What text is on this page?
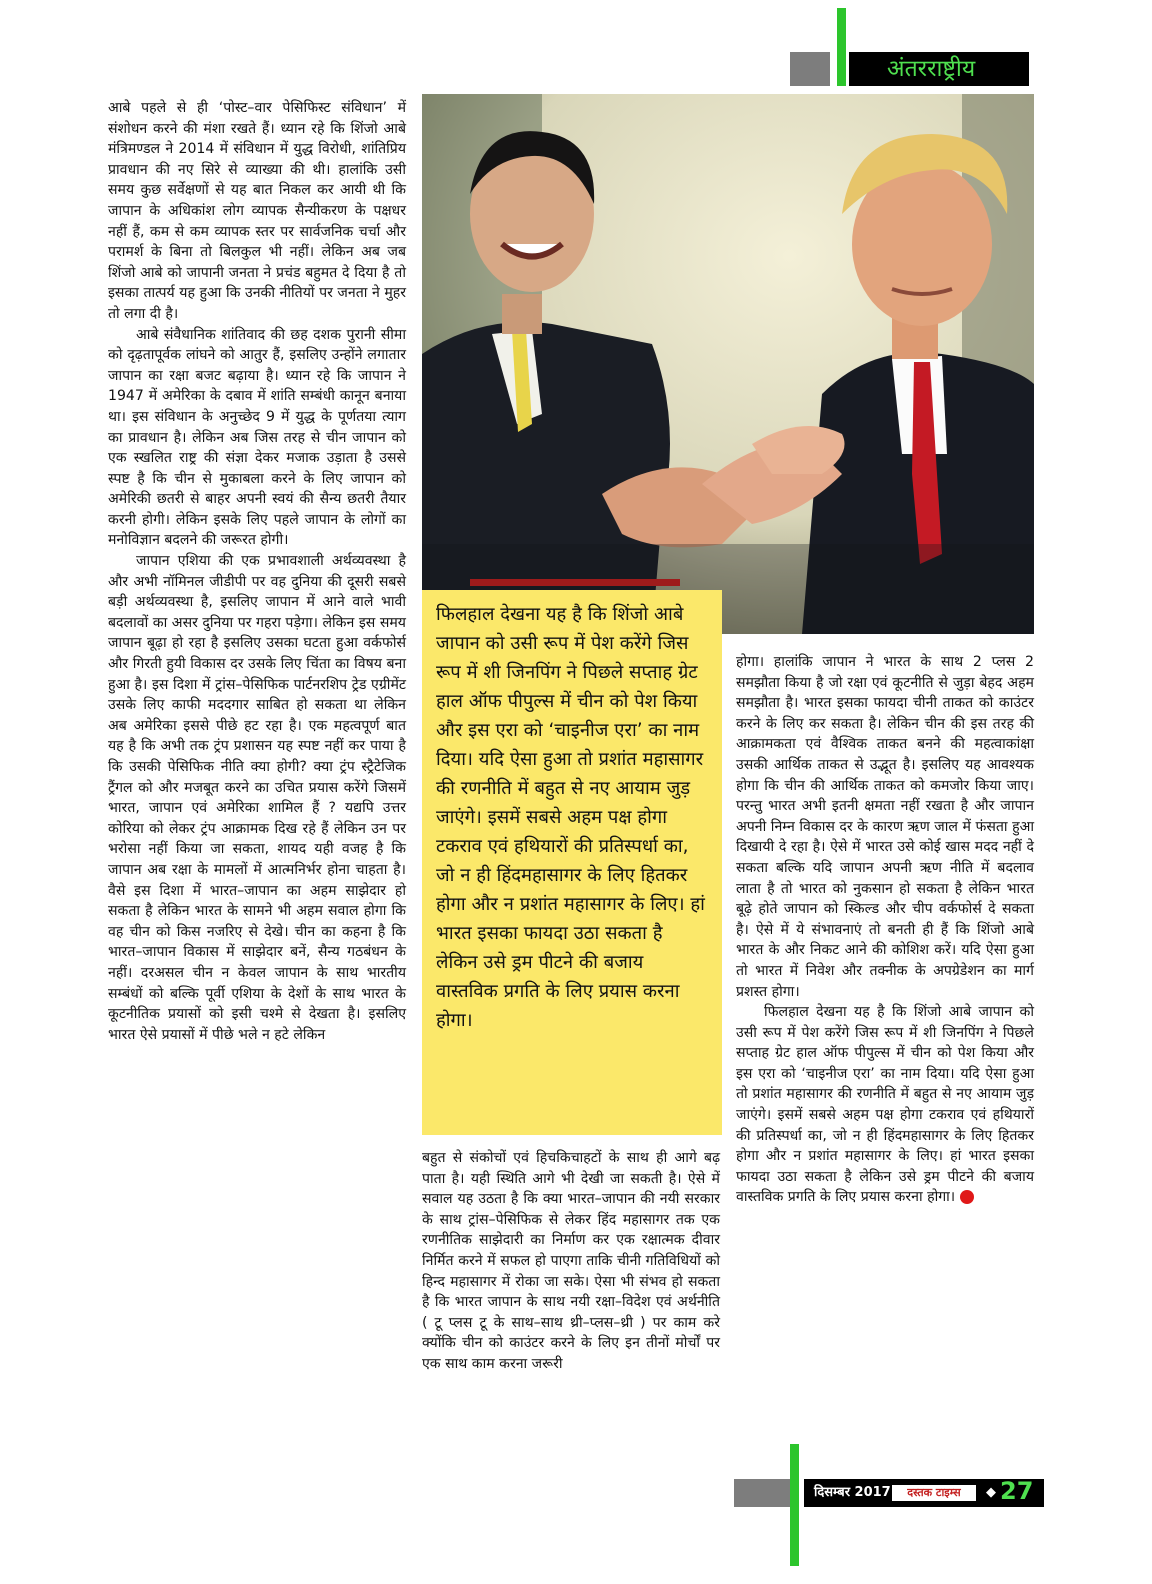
अंतरराष्ट्रीय

आबे पहले से ही ‘पोस्ट–वार पेसिफिस्ट संविधान’ में संशोधन करने की मंशा रखते हैं। ध्यान रहे कि शिंजो आबे मंत्रिमण्डल ने 2014 में संविधान में युद्ध विरोधी, शांतिप्रिय प्रावधान की नए सिरे से व्याख्या की थी। हालांकि उसी समय कुछ सर्वेक्षणों से यह बात निकल कर आयी थी कि जापान के अधिकांश लोग व्यापक सैन्यीकरण के पक्षधर नहीं हैं, कम से कम व्यापक स्तर पर सार्वजनिक चर्चा और परामर्श के बिना तो बिलकुल भी नहीं। लेकिन अब जब शिंजो आबे को जापानी जनता ने प्रचंड बहुमत दे दिया है तो इसका तात्पर्य यह हुआ कि उनकी नीतियों पर जनता ने मुहर तो लगा दी है।

आबे संवैधानिक शांतिवाद की छह दशक पुरानी सीमा को दृढ़तापूर्वक लांघने को आतुर हैं, इसलिए उन्होंने लगातार जापान का रक्षा बजट बढ़ाया है। ध्यान रहे कि जापान ने 1947 में अमेरिका के दबाव में शांति सम्बंधी कानून बनाया था। इस संविधान के अनुच्छेद 9 में युद्ध के पूर्णतया त्याग का प्रावधान है। लेकिन अब जिस तरह से चीन जापान को एक स्खलित राष्ट्र की संज्ञा देकर मजाक उड़ाता है उससे स्पष्ट है कि चीन से मुकाबला करने के लिए जापान को अमेरिकी छतरी से बाहर अपनी स्वयं की सैन्य छतरी तैयार करनी होगी। लेकिन इसके लिए पहले जापान के लोगों का मनोविज्ञान बदलने की जरूरत होगी।

जापान एशिया की एक प्रभावशाली अर्थव्यवस्था है और अभी नॉमिनल जीडीपी पर वह दुनिया की दूसरी सबसे बड़ी अर्थव्यवस्था है, इसलिए जापान में आने वाले भावी बदलावों का असर दुनिया पर गहरा पड़ेगा। लेकिन इस समय जापान बूढ़ा हो रहा है इसलिए उसका घटता हुआ वर्कफोर्स और गिरती हुयी विकास दर उसके लिए चिंता का विषय बना हुआ है। इस दिशा में ट्रांस–पेसिफिक पार्टनरशिप ट्रेड एग्रीमेंट उसके लिए काफी मददगार साबित हो सकता था लेकिन अब अमेरिका इससे पीछे हट रहा है। एक महत्वपूर्ण बात यह है कि अभी तक ट्रंप प्रशासन यह स्पष्ट नहीं कर पाया है कि उसकी पेसिफिक नीति क्या होगी? क्या ट्रंप स्ट्रैटेजिक ट्रैंगल को और मजबूत करने का उचित प्रयास करेंगे जिसमें भारत, जापान एवं अमेरिका शामिल हैं ? यद्यपि उत्तर कोरिया को लेकर ट्रंप आक्रामक दिख रहे हैं लेकिन उन पर भरोसा नहीं किया जा सकता, शायद यही वजह है कि जापान अब रक्षा के मामलों में आत्मनिर्भर होना चाहता है। वैसे इस दिशा में भारत–जापान का अहम साझेदार हो सकता है लेकिन भारत के सामने भी अहम सवाल होगा कि वह चीन को किस नजरिए से देखे। चीन का कहना है कि भारत–जापान विकास में साझेदार बनें, सैन्य गठबंधन के नहीं। दरअसल चीन न केवल जापान के साथ भारतीय सम्बंधों को बल्कि पूर्वी एशिया के देशों के साथ भारत के कूटनीतिक प्रयासों को इसी चश्मे से देखता है। इसलिए भारत ऐसे प्रयासों में पीछे भले न हटे लेकिन

फिलहाल देखना यह है कि शिंजो आबे जापान को उसी रूप में पेश करेंगे जिस रूप में शी जिनपिंग ने पिछले सप्ताह ग्रेट हाल ऑफ पीपुल्स में चीन को पेश किया और इस एरा को ‘चाइनीज एरा’ का नाम दिया। यदि ऐसा हुआ तो प्रशांत महासागर की रणनीति में बहुत से नए आयाम जुड़ जाएंगे। इसमें सबसे अहम पक्ष होगा टकराव एवं हथियारों की प्रतिस्पर्धा का, जो न ही हिंदमहासागर के लिए हितकर होगा और न प्रशांत महासागर के लिए। हां भारत इसका फायदा उठा सकता है लेकिन उसे ड्रम पीटने की बजाय वास्तविक प्रगति के लिए प्रयास करना होगा।

बहुत से संकोचों एवं हिचकिचाहटों के साथ ही आगे बढ़ पाता है। यही स्थिति आगे भी देखी जा सकती है। ऐसे में सवाल यह उठता है कि क्या भारत–जापान की नयी सरकार के साथ ट्रांस–पेसिफिक से लेकर हिंद महासागर तक एक रणनीतिक साझेदारी का निर्माण कर एक रक्षात्मक दीवार निर्मित करने में सफल हो पाएगा ताकि चीनी गतिविधियों को हिन्द महासागर में रोका जा सके। ऐसा भी संभव हो सकता है कि भारत जापान के साथ नयी रक्षा–विदेश एवं अर्थनीति ( टू प्लस टू के साथ–साथ थ्री–प्लस–थ्री ) पर काम करे क्योंकि चीन को काउंटर करने के लिए इन तीनों मोर्चों पर एक साथ काम करना जरूरी

होगा। हालांकि जापान ने भारत के साथ 2 प्लस 2 समझौता किया है जो रक्षा एवं कूटनीति से जुड़ा बेहद अहम समझौता है। भारत इसका फायदा चीनी ताकत को काउंटर करने के लिए कर सकता है। लेकिन चीन की इस तरह की आक्रामकता एवं वैश्विक ताकत बनने की महत्वाकांक्षा उसकी आर्थिक ताकत से उद्भूत है। इसलिए यह आवश्यक होगा कि चीन की आर्थिक ताकत को कमजोर किया जाए। परन्तु भारत अभी इतनी क्षमता नहीं रखता है और जापान अपनी निम्न विकास दर के कारण ऋण जाल में फंसता हुआ दिखायी दे रहा है। ऐसे में भारत उसे कोई खास मदद नहीं दे सकता बल्कि यदि जापान अपनी ऋण नीति में बदलाव लाता है तो भारत को नुकसान हो सकता है लेकिन भारत बूढ़े होते जापान को स्किल्ड और चीप वर्कफोर्स दे सकता है। ऐसे में ये संभावनाएं तो बनती ही हैं कि शिंजो आबे भारत के और निकट आने की कोशिश करें। यदि ऐसा हुआ तो भारत में निवेश और तक्नीक के अपग्रेडेशन का मार्ग प्रशस्त होगा।

फिलहाल देखना यह है कि शिंजो आबे जापान को उसी रूप में पेश करेंगे जिस रूप में शी जिनपिंग ने पिछले सप्ताह ग्रेट हाल ऑफ पीपुल्स में चीन को पेश किया और इस एरा को ‘चाइनीज एरा’ का नाम दिया। यदि ऐसा हुआ तो प्रशांत महासागर की रणनीति में बहुत से नए आयाम जुड़ जाएंगे। इसमें सबसे अहम पक्ष होगा टकराव एवं हथियारों की प्रतिस्पर्धा का, जो न ही हिंदमहासागर के लिए हितकर होगा और न प्रशांत महासागर के लिए। हां भारत इसका फायदा उठा सकता है लेकिन उसे ड्रम पीटने की बजाय वास्तविक प्रगति के लिए प्रयास करना होगा।

दिसम्बर 2017	दस्तक टाइम्स	◆ 27
